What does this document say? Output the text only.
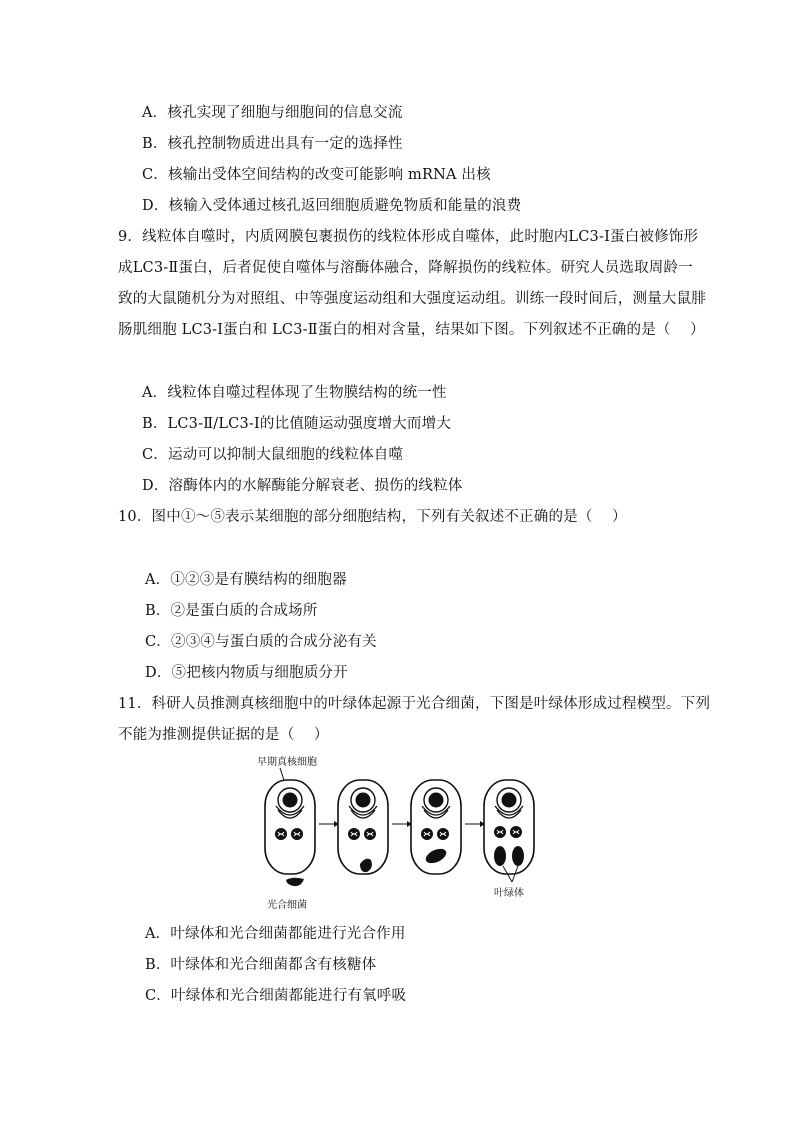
A．核孔实现了细胞与细胞间的信息交流
B．核孔控制物质进出具有一定的选择性
C．核输出受体空间结构的改变可能影响 mRNA 出核
D．核输入受体通过核孔返回细胞质避免物质和能量的浪费
9．线粒体自噬时，内质网膜包裹损伤的线粒体形成自噬体，此时胞内LC3-Ⅰ蛋白被修饰形
成LC3-Ⅱ蛋白，后者促使自噬体与溶酶体融合，降解损伤的线粒体。研究人员选取周龄一
致的大鼠随机分为对照组、中等强度运动组和大强度运动组。训练一段时间后，测量大鼠腓
肠肌细胞 LC3-Ⅰ蛋白和 LC3-Ⅱ蛋白的相对含量，结果如下图。下列叙述不正确的是（　 ）
A．线粒体自噬过程体现了生物膜结构的统一性
B．LC3-Ⅱ/LC3-Ⅰ的比值随运动强度增大而增大
C．运动可以抑制大鼠细胞的线粒体自噬
D．溶酶体内的水解酶能分解衰老、损伤的线粒体
10．图中①～⑤表示某细胞的部分细胞结构，下列有关叙述不正确的是（　 ）
A．①②③是有膜结构的细胞器
B．②是蛋白质的合成场所
C．②③④与蛋白质的合成分泌有关
D．⑤把核内物质与细胞质分开
11．科研人员推测真核细胞中的叶绿体起源于光合细菌，下图是叶绿体形成过程模型。下列
不能为推测提供证据的是（　 ）
早期真核细胞
光合细菌
叶绿体
A．叶绿体和光合细菌都能进行光合作用
B．叶绿体和光合细菌都含有核糖体
C．叶绿体和光合细菌都能进行有氧呼吸
